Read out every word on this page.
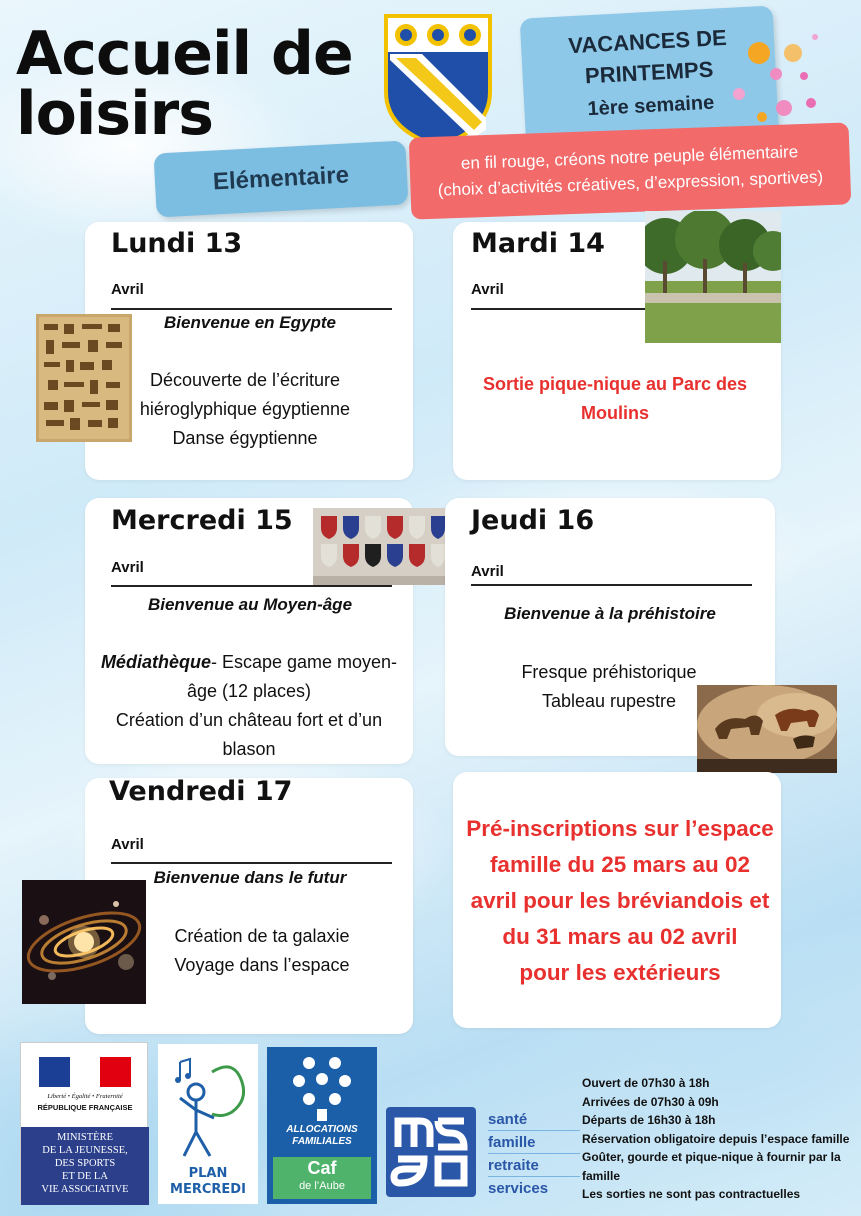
Accueil de
loisirs
VACANCES DE
PRINTEMPS
1ère semaine
Elémentaire
en fil rouge, créons notre peuple élémentaire
(choix d’activités créatives, d’expression, sportives)
Lundi 13
Avril
Bienvenue en Egypte
Découverte de l’écriture
hiéroglyphique égyptienne
Danse égyptienne
Mardi 14
Avril
Sortie pique-nique au Parc des
Moulins
Mercredi 15
Avril
Bienvenue au Moyen-âge
Médiathèque- Escape game moyen-
âge (12 places)
Création d’un château fort et d’un
blason
Jeudi 16
Avril
Bienvenue à la préhistoire
Fresque préhistorique
Tableau rupestre
Vendredi 17
Avril
Bienvenue dans le futur
Création de ta galaxie
Voyage dans l’espace
Pré-inscriptions sur l’espace
famille du 25 mars au 02
avril pour les bréviandois et
du 31 mars au 02 avril
pour les extérieurs
Liberté • Égalité • Fraternité
RÉPUBLIQUE FRANÇAISE
MINISTÈRE
DE LA JEUNESSE,
DES SPORTS
ET DE LA
VIE ASSOCIATIVE
PLAN
MERCREDI
ALLOCATIONS
FAMILIALES
Caf
de l’Aube
santé
famille
retraite
services
Ouvert de 07h30 à 18h
Arrivées de 07h30 à 09h
Départs de 16h30 à 18h
Réservation obligatoire depuis l’espace famille
Goûter, gourde et pique-nique à fournir par la
famille
Les sorties ne sont pas contractuelles
